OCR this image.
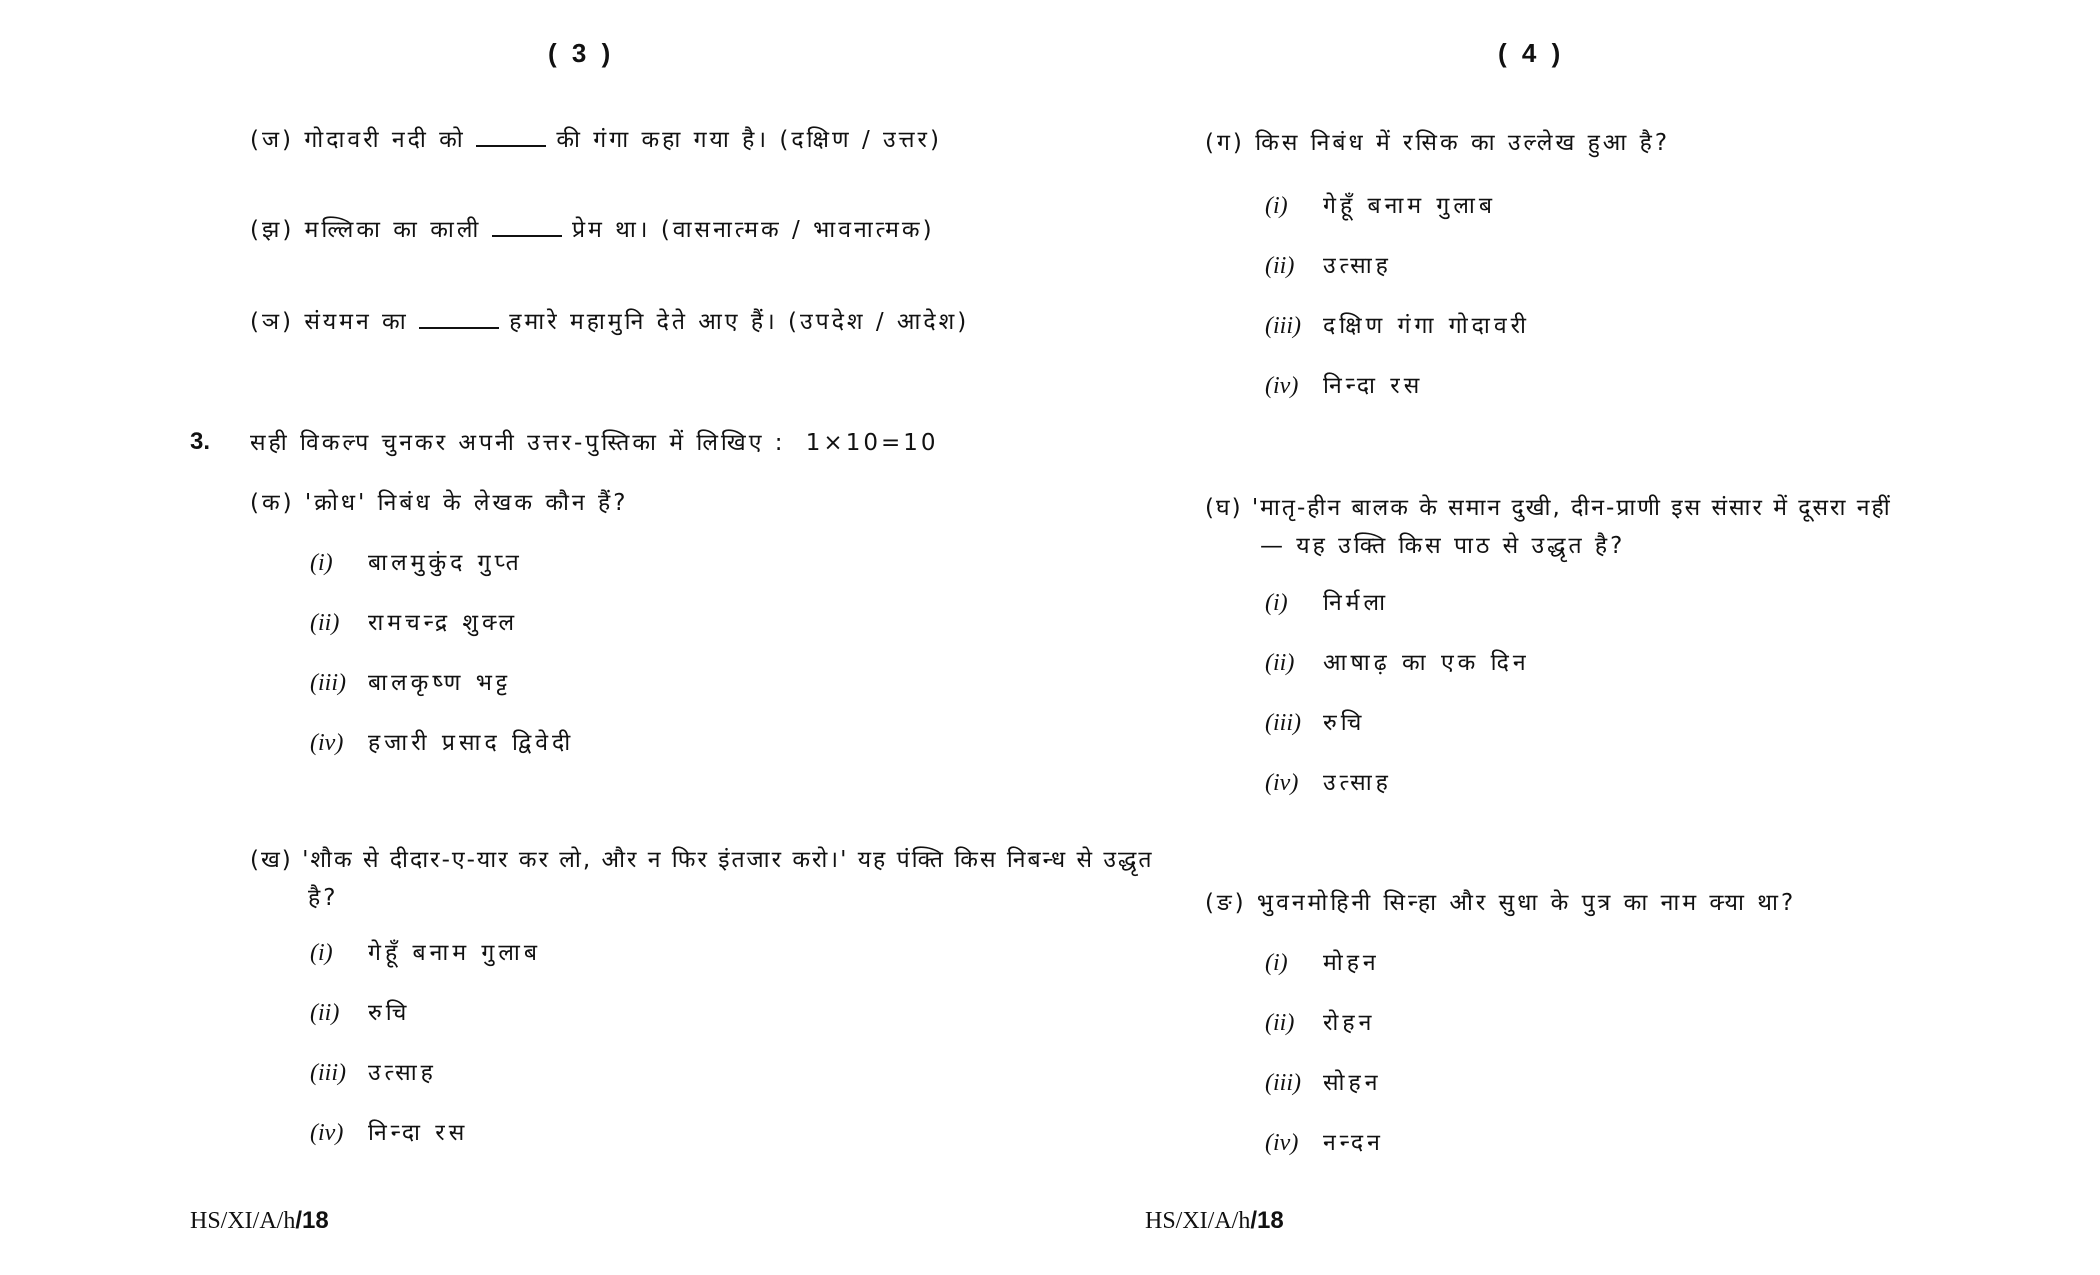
( 3 )
(ज) गोदावरी नदी को	की गंगा कहा गया है। (दक्षिण / उत्तर)
(झ) मल्लिका का काली	प्रेम था। (वासनात्मक / भावनात्मक)
(ञ) संयमन का	हमारे महामुनि देते आए हैं। (उपदेश / आदेश)
3. सही विकल्प चुनकर अपनी उत्तर-पुस्तिका में लिखिए : 1×10=10
(क) 'क्रोध' निबंध के लेखक कौन हैं?
(i) बालमुकुंद गुप्त
(ii) रामचन्द्र शुक्ल
(iii) बालकृष्ण भट्ट
(iv) हजारी प्रसाद द्विवेदी
(ख) 'शौक से दीदार-ए-यार कर लो, और न फिर इंतजार करो।' यह पंक्ति किस निबन्ध से उद्धृत
है?
(i) गेहूँ बनाम गुलाब
(ii) रुचि
(iii) उत्साह
(iv) निन्दा रस
HS/XI/A/h/18
( 4 )
(ग) किस निबंध में रसिक का उल्लेख हुआ है?
(i) गेहूँ बनाम गुलाब
(ii) उत्साह
(iii) दक्षिण गंगा गोदावरी
(iv) निन्दा रस
(घ) 'मातृ-हीन बालक के समान दुखी, दीन-प्राणी इस संसार में दूसरा नहीं
— यह उक्ति किस पाठ से उद्धृत है?
(i) निर्मला
(ii) आषाढ़ का एक दिन
(iii) रुचि
(iv) उत्साह
(ङ) भुवनमोहिनी सिन्हा और सुधा के पुत्र का नाम क्या था?
(i) मोहन
(ii) रोहन
(iii) सोहन
(iv) नन्दन
HS/XI/A/h/18
